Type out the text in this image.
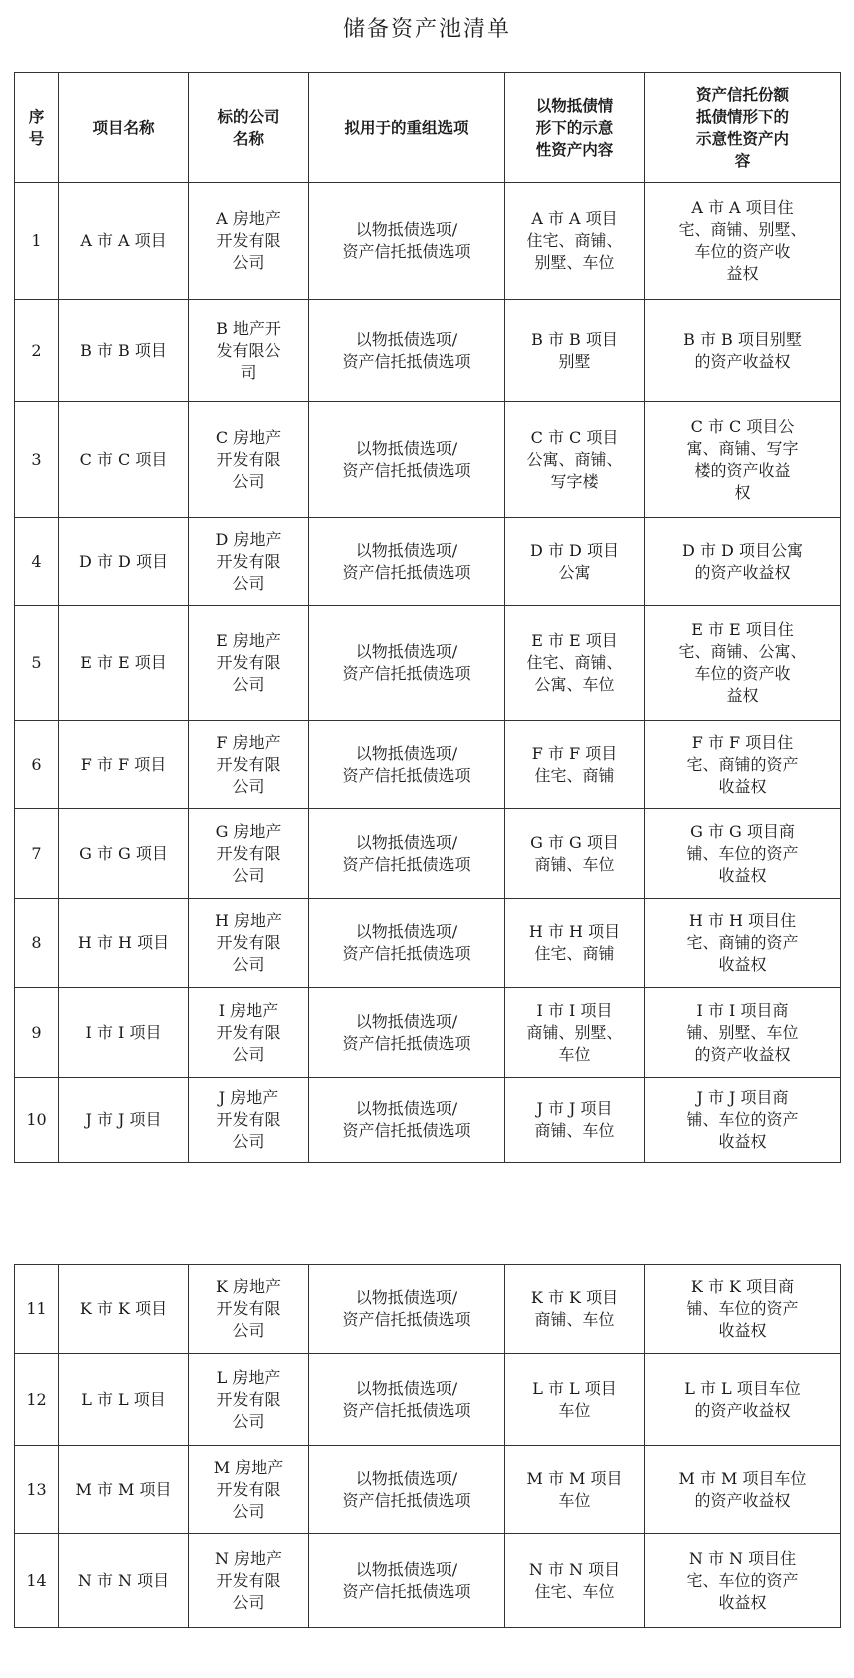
储备资产池清单
序
号	项目名称	标的公司
名称	拟用于的重组选项	以物抵债情
形下的示意
性资产内容	资产信托份额
抵债情形下的
示意性资产内
容

1	A 市 A 项目	A 房地产
开发有限
公司	以物抵债选项/
资产信托抵债选项	A 市 A 项目
住宅、商铺、
别墅、车位	A 市 A 项目住
宅、商铺、别墅、
车位的资产收
益权

2	B 市 B 项目	B 地产开
发有限公
司	以物抵债选项/
资产信托抵债选项	B 市 B 项目
别墅	B 市 B 项目别墅
的资产收益权

3	C 市 C 项目	C 房地产
开发有限
公司	以物抵债选项/
资产信托抵债选项	C 市 C 项目
公寓、商铺、
写字楼	C 市 C 项目公
寓、商铺、写字
楼的资产收益
权

4	D 市 D 项目	D 房地产
开发有限
公司	以物抵债选项/
资产信托抵债选项	D 市 D 项目
公寓	D 市 D 项目公寓
的资产收益权

5	E 市 E 项目	E 房地产
开发有限
公司	以物抵债选项/
资产信托抵债选项	E 市 E 项目
住宅、商铺、
公寓、车位	E 市 E 项目住
宅、商铺、公寓、
车位的资产收
益权

6	F 市 F 项目	F 房地产
开发有限
公司	以物抵债选项/
资产信托抵债选项	F 市 F 项目
住宅、商铺	F 市 F 项目住
宅、商铺的资产
收益权

7	G 市 G 项目	G 房地产
开发有限
公司	以物抵债选项/
资产信托抵债选项	G 市 G 项目
商铺、车位	G 市 G 项目商
铺、车位的资产
收益权

8	H 市 H 项目	H 房地产
开发有限
公司	以物抵债选项/
资产信托抵债选项	H 市 H 项目
住宅、商铺	H 市 H 项目住
宅、商铺的资产
收益权

9	I 市 I 项目	I 房地产
开发有限
公司	以物抵债选项/
资产信托抵债选项	I 市 I 项目
商铺、别墅、
车位	I 市 I 项目商
铺、别墅、车位
的资产收益权

10	J 市 J 项目	J 房地产
开发有限
公司	以物抵债选项/
资产信托抵债选项	J 市 J 项目
商铺、车位	J 市 J 项目商
铺、车位的资产
收益权
11	K 市 K 项目	K 房地产
开发有限
公司	以物抵债选项/
资产信托抵债选项	K 市 K 项目
商铺、车位	K 市 K 项目商
铺、车位的资产
收益权

12	L 市 L 项目	L 房地产
开发有限
公司	以物抵债选项/
资产信托抵债选项	L 市 L 项目
车位	L 市 L 项目车位
的资产收益权

13	M 市 M 项目	M 房地产
开发有限
公司	以物抵债选项/
资产信托抵债选项	M 市 M 项目
车位	M 市 M 项目车位
的资产收益权

14	N 市 N 项目	N 房地产
开发有限
公司	以物抵债选项/
资产信托抵债选项	N 市 N 项目
住宅、车位	N 市 N 项目住
宅、车位的资产
收益权
